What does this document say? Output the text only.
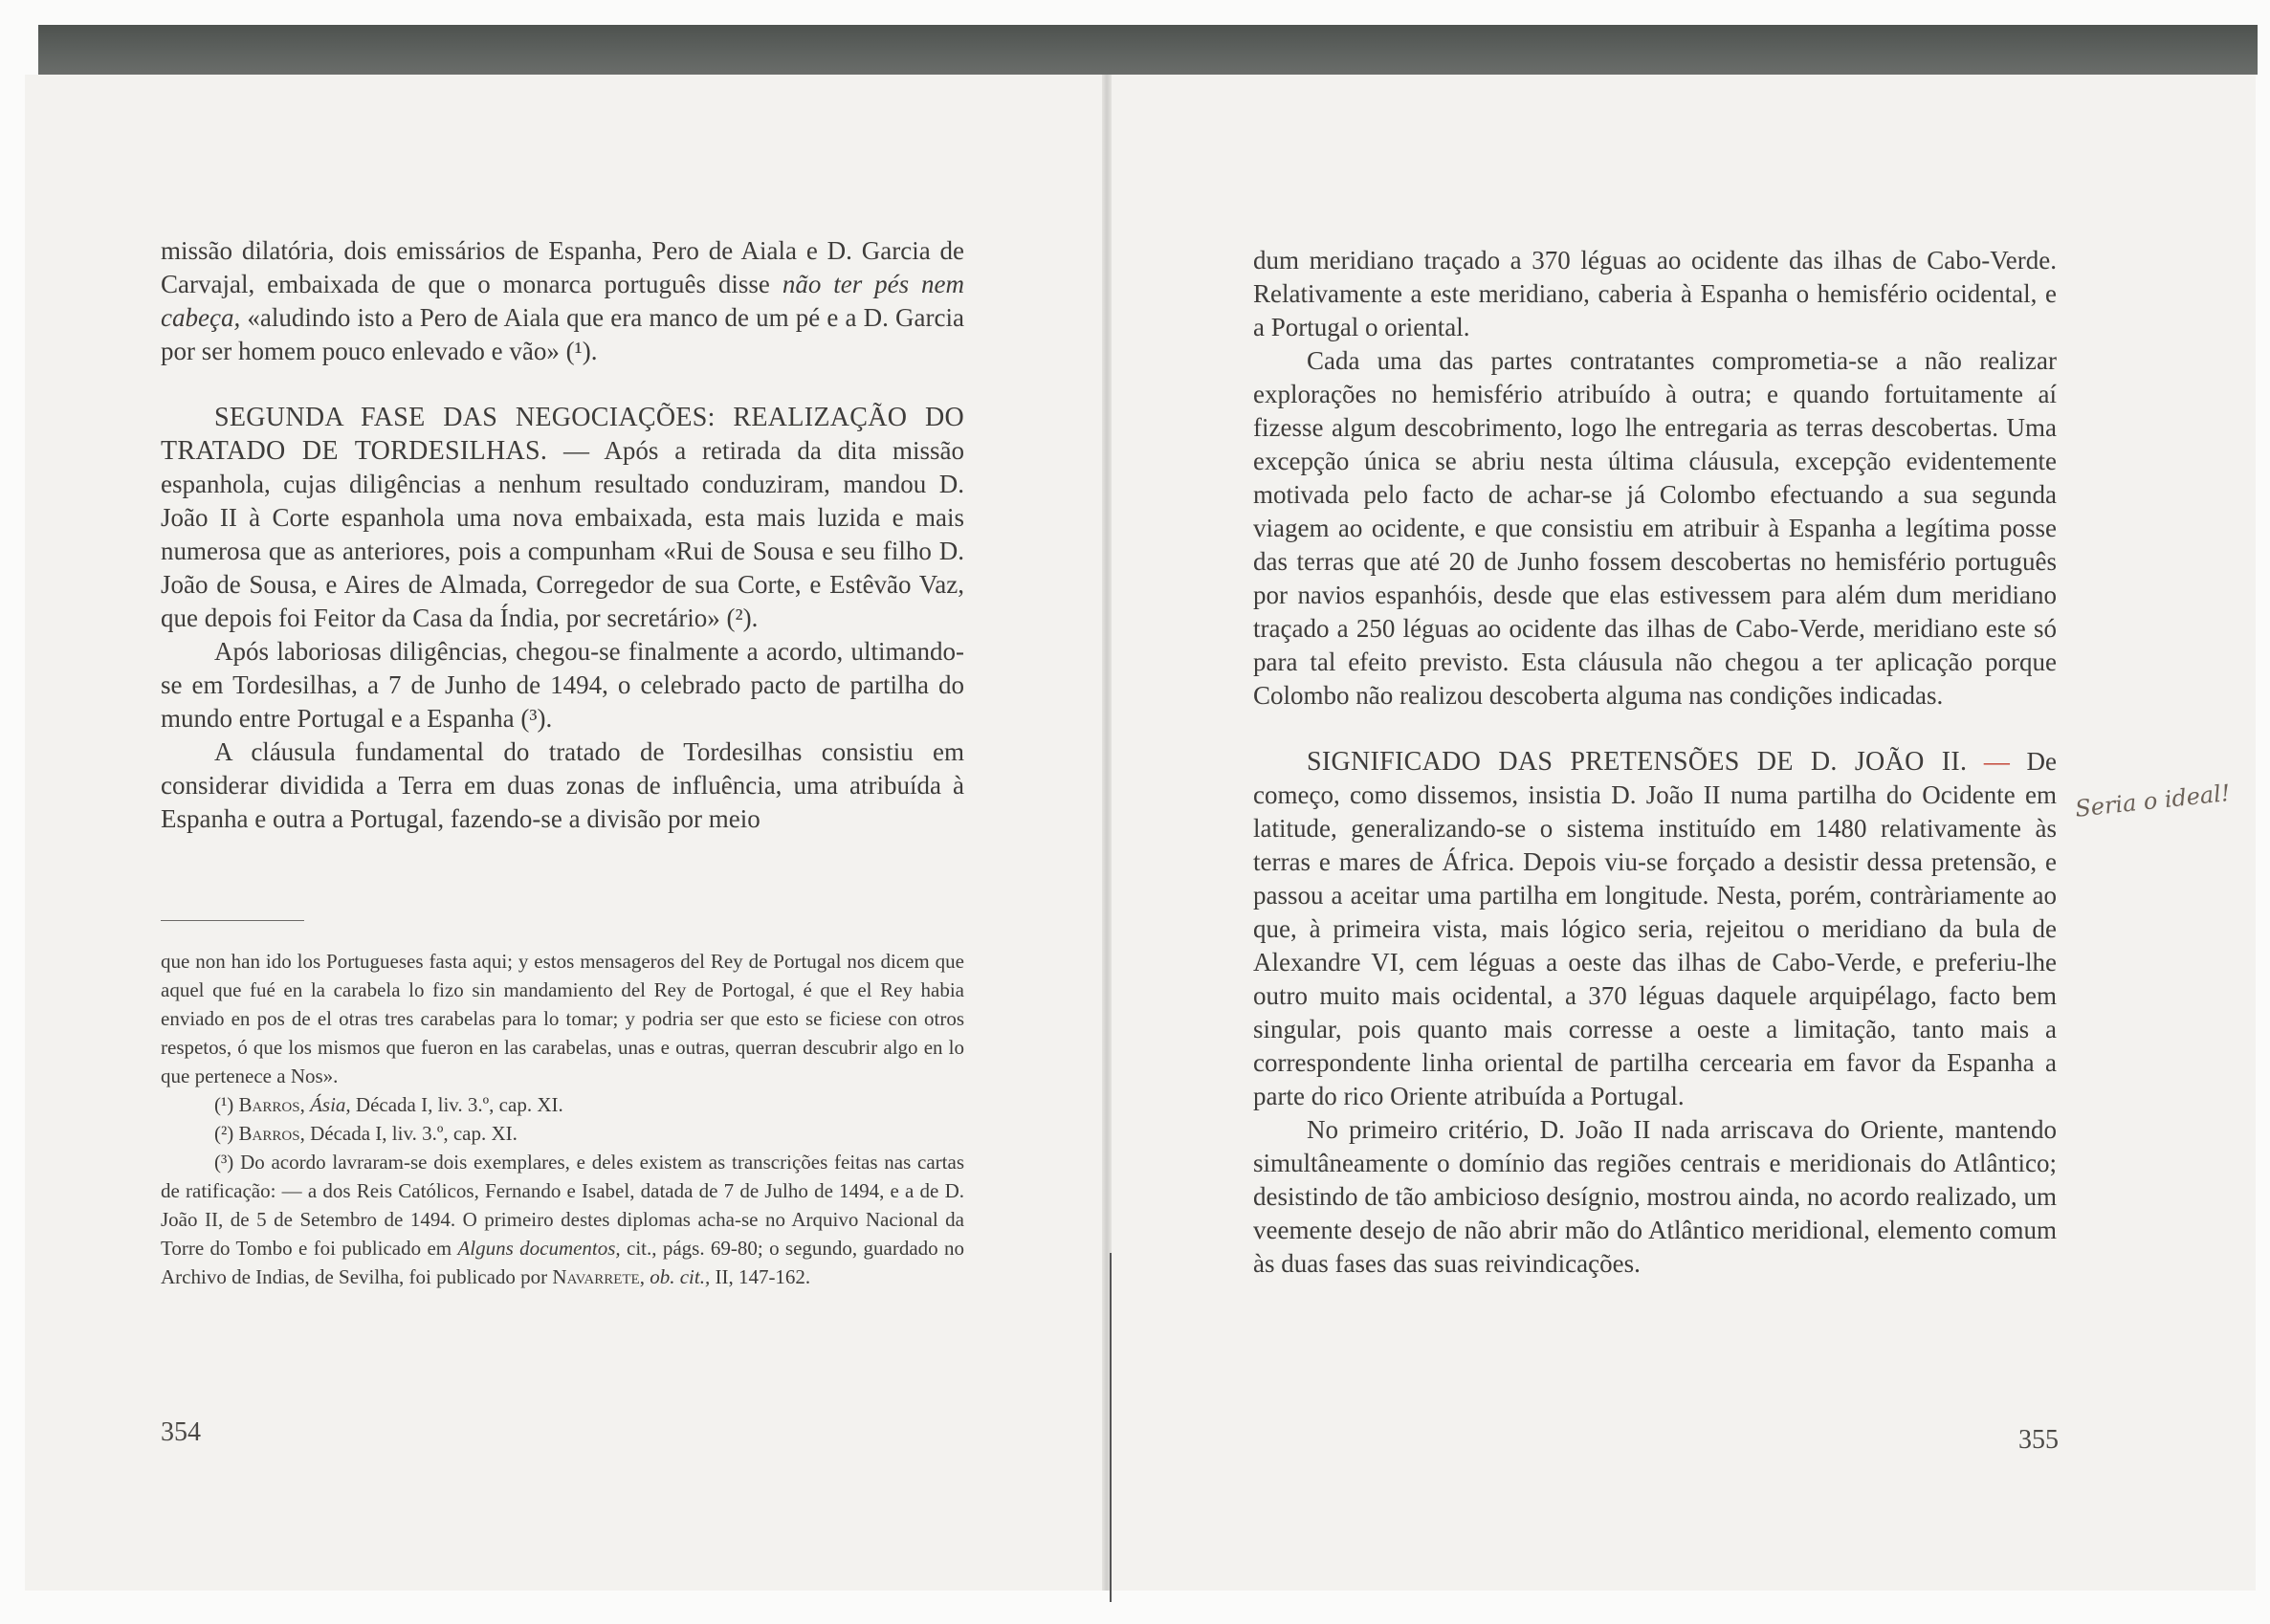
missão dilatória, dois emissários de Espanha, Pero de Aiala e D. Garcia de Carvajal, embaixada de que o monarca português disse não ter pés nem cabeça, «aludindo isto a Pero de Aiala que era manco de um pé e a D. Garcia por ser homem pouco enlevado e vão» (¹).

SEGUNDA FASE DAS NEGOCIAÇÕES: REALIZAÇÃO DO TRATADO DE TORDESILHAS. — Após a retirada da dita missão espanhola, cujas diligências a nenhum resultado conduziram, mandou D. João II à Corte espanhola uma nova embaixada, esta mais luzida e mais numerosa que as anteriores, pois a compunham «Rui de Sousa e seu filho D. João de Sousa, e Aires de Almada, Corregedor de sua Corte, e Estêvão Vaz, que depois foi Feitor da Casa da Índia, por secretário» (²).

Após laboriosas diligências, chegou-se finalmente a acordo, ultimando-se em Tordesilhas, a 7 de Junho de 1494, o celebrado pacto de partilha do mundo entre Portugal e a Espanha (³).

A cláusula fundamental do tratado de Tordesilhas consistiu em considerar dividida a Terra em duas zonas de influência, uma atribuída à Espanha e outra a Portugal, fazendo-se a divisão por meio

que non han ido los Portugueses fasta aqui; y estos mensageros del Rey de Portugal nos dicem que aquel que fué en la carabela lo fizo sin mandamiento del Rey de Portogal, é que el Rey habia enviado en pos de el otras tres carabelas para lo tomar; y podria ser que esto se ficiese con otros respetos, ó que los mismos que fueron en las carabelas, unas e outras, querran descubrir algo en lo que pertenece a Nos».

(¹) Barros, Ásia, Década I, liv. 3.º, cap. XI.

(²) Barros, Década I, liv. 3.º, cap. XI.

(³) Do acordo lavraram-se dois exemplares, e deles existem as transcrições feitas nas cartas de ratificação: — a dos Reis Católicos, Fernando e Isabel, datada de 7 de Julho de 1494, e a de D. João II, de 5 de Setembro de 1494. O primeiro destes diplomas acha-se no Arquivo Nacional da Torre do Tombo e foi publicado em Alguns documentos, cit., págs. 69-80; o segundo, guardado no Archivo de Indias, de Sevilha, foi publicado por Navarrete, ob. cit., II, 147-162.

354

dum meridiano traçado a 370 léguas ao ocidente das ilhas de Cabo-Verde. Relativamente a este meridiano, caberia à Espanha o hemisfério ocidental, e a Portugal o oriental.

Cada uma das partes contratantes comprometia-se a não realizar explorações no hemisfério atribuído à outra; e quando fortuitamente aí fizesse algum descobrimento, logo lhe entregaria as terras descobertas. Uma excepção única se abriu nesta última cláusula, excepção evidentemente motivada pelo facto de achar-se já Colombo efectuando a sua segunda viagem ao ocidente, e que consistiu em atribuir à Espanha a legítima posse das terras que até 20 de Junho fossem descobertas no hemisfério português por navios espanhóis, desde que elas estivessem para além dum meridiano traçado a 250 léguas ao ocidente das ilhas de Cabo-Verde, meridiano este só para tal efeito previsto. Esta cláusula não chegou a ter aplicação porque Colombo não realizou descoberta alguma nas condições indicadas.

SIGNIFICADO DAS PRETENSÕES DE D. JOÃO II. — De começo, como dissemos, insistia D. João II numa partilha do Ocidente em latitude, generalizando-se o sistema instituído em 1480 relativamente às terras e mares de África. Depois viu-se forçado a desistir dessa pretensão, e passou a aceitar uma partilha em longitude. Nesta, porém, contràriamente ao que, à primeira vista, mais lógico seria, rejeitou o meridiano da bula de Alexandre VI, cem léguas a oeste das ilhas de Cabo-Verde, e preferiu-lhe outro muito mais ocidental, a 370 léguas daquele arquipélago, facto bem singular, pois quanto mais corresse a oeste a limitação, tanto mais a correspondente linha oriental de partilha cercearia em favor da Espanha a parte do rico Oriente atribuída a Portugal.

No primeiro critério, D. João II nada arriscava do Oriente, mantendo simultâneamente o domínio das regiões centrais e meridionais do Atlântico; desistindo de tão ambicioso desígnio, mostrou ainda, no acordo realizado, um veemente desejo de não abrir mão do Atlântico meridional, elemento comum às duas fases das suas reivindicações.

Seria o ideal!
355
